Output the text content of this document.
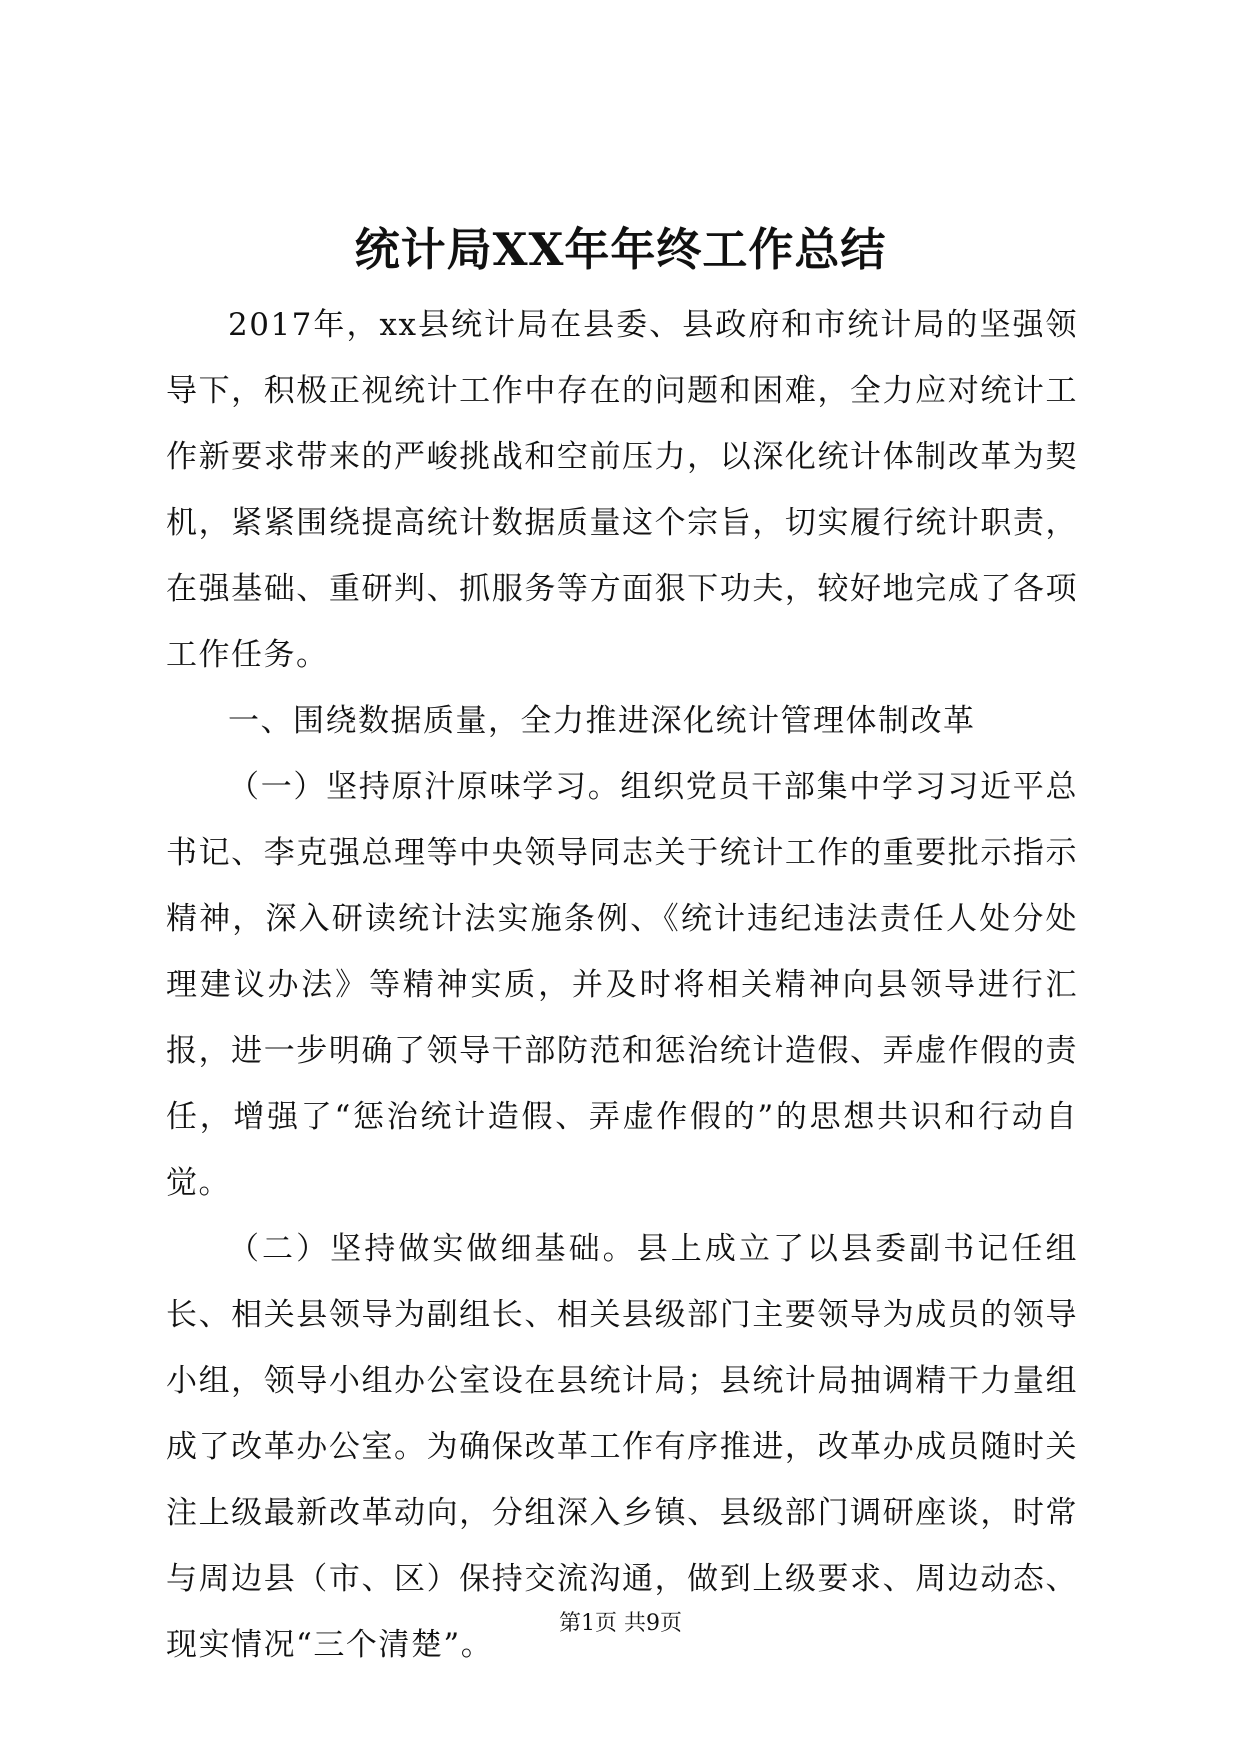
统计局XX年年终工作总结

2017年，xx县统计局在县委、县政府和市统计局的坚强领导下，积极正视统计工作中存在的问题和困难，全力应对统计工作新要求带来的严峻挑战和空前压力，以深化统计体制改革为契机，紧紧围绕提高统计数据质量这个宗旨，切实履行统计职责，在强基础、重研判、抓服务等方面狠下功夫，较好地完成了各项工作任务。

一、围绕数据质量，全力推进深化统计管理体制改革

（一）坚持原汁原味学习。组织党员干部集中学习习近平总书记、李克强总理等中央领导同志关于统计工作的重要批示指示精神，深入研读统计法实施条例、《统计违纪违法责任人处分处理建议办法》等精神实质，并及时将相关精神向县领导进行汇报，进一步明确了领导干部防范和惩治统计造假、弄虚作假的责任，增强了“惩治统计造假、弄虚作假的”的思想共识和行动自觉。

（二）坚持做实做细基础。县上成立了以县委副书记任组长、相关县领导为副组长、相关县级部门主要领导为成员的领导小组，领导小组办公室设在县统计局；县统计局抽调精干力量组成了改革办公室。为确保改革工作有序推进，改革办成员随时关注上级最新改革动向，分组深入乡镇、县级部门调研座谈，时常与周边县（市、区）保持交流沟通，做到上级要求、周边动态、现实情况“三个清楚”。

第1页 共9页
